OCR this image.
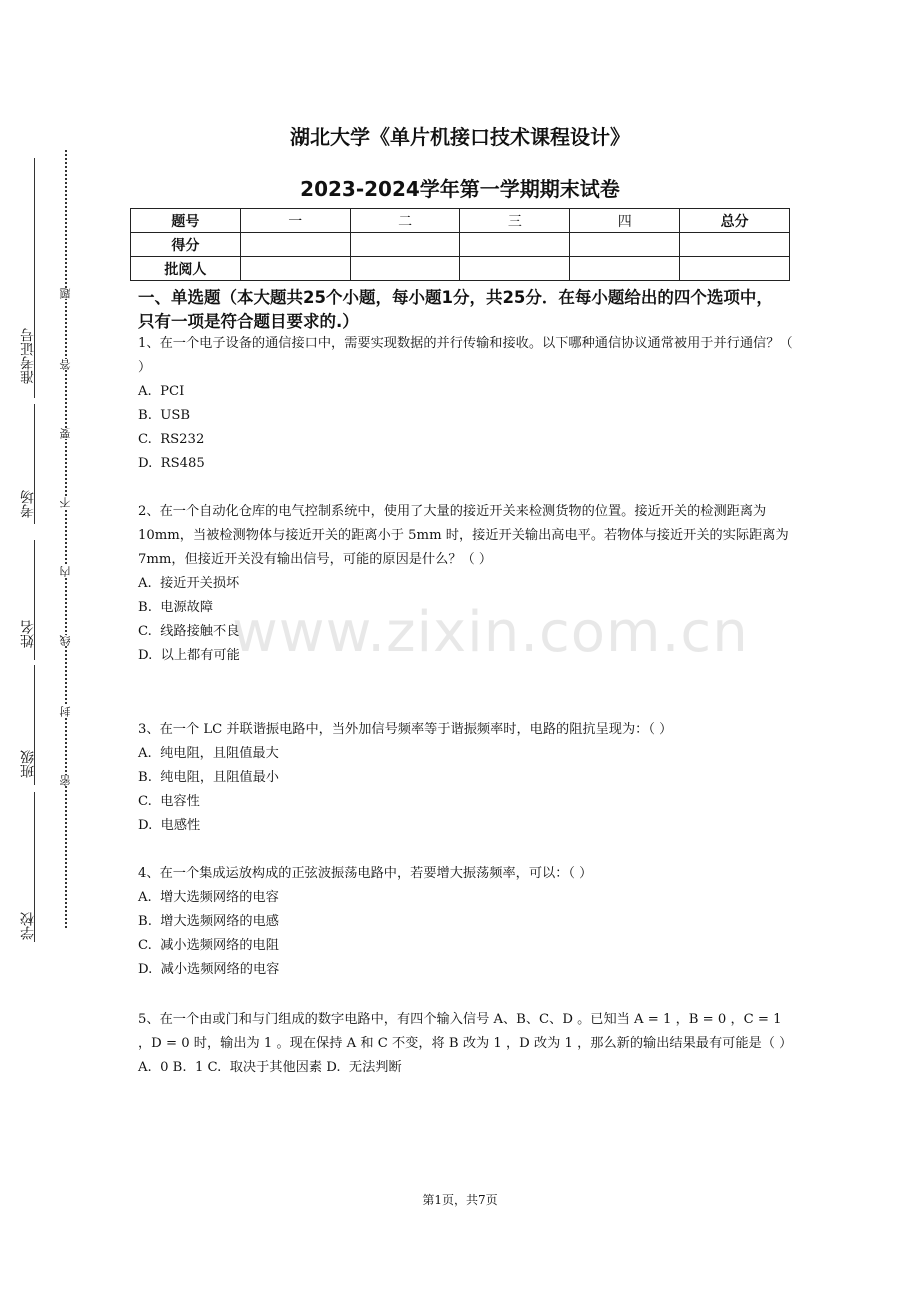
准考证号
考场
姓名
班级
学校
题
答
要
不
内
线
封
密
湖北大学《单片机接口技术课程设计》
2023-2024学年第一学期期末试卷
题号	一	二	三	四	总分
得分					
批阅人					
一、单选题（本大题共25个小题，每小题1分，共25分．在每小题给出的四个选项中，只有一项是符合题目要求的.）

1、在一个电子设备的通信接口中，需要实现数据的并行传输和接收。以下哪种通信协议通常被用于并行通信？（ ）

A.  PCI

B.  USB

C.  RS232

D.  RS485

2、在一个自动化仓库的电气控制系统中，使用了大量的接近开关来检测货物的位置。接近开关的检测距离为 10mm，当被检测物体与接近开关的距离小于 5mm 时，接近开关输出高电平。若物体与接近开关的实际距离为 7mm，但接近开关没有输出信号，可能的原因是什么？（ ）

A.  接近开关损坏

B.  电源故障

C.  线路接触不良

D.  以上都有可能

3、在一个 LC 并联谐振电路中，当外加信号频率等于谐振频率时，电路的阻抗呈现为：（ ）

A.  纯电阻，且阻值最大

B.  纯电阻，且阻值最小

C.  电容性

D.  电感性

4、在一个集成运放构成的正弦波振荡电路中，若要增大振荡频率，可以：（ ）

A.  增大选频网络的电容

B.  增大选频网络的电感

C.  减小选频网络的电阻

D.  减小选频网络的电容

5、在一个由或门和与门组成的数字电路中，有四个输入信号 A、B、C、D 。已知当 A = 1 ，B = 0 ，C = 1 ，D = 0 时，输出为 1 。现在保持 A 和 C 不变，将 B 改为 1 ，D 改为 1 ，那么新的输出结果最有可能是（ ）

A.  0 B.  1 C.  取决于其他因素 D.  无法判断

www.zixin.com.cn
第1页，共7页
